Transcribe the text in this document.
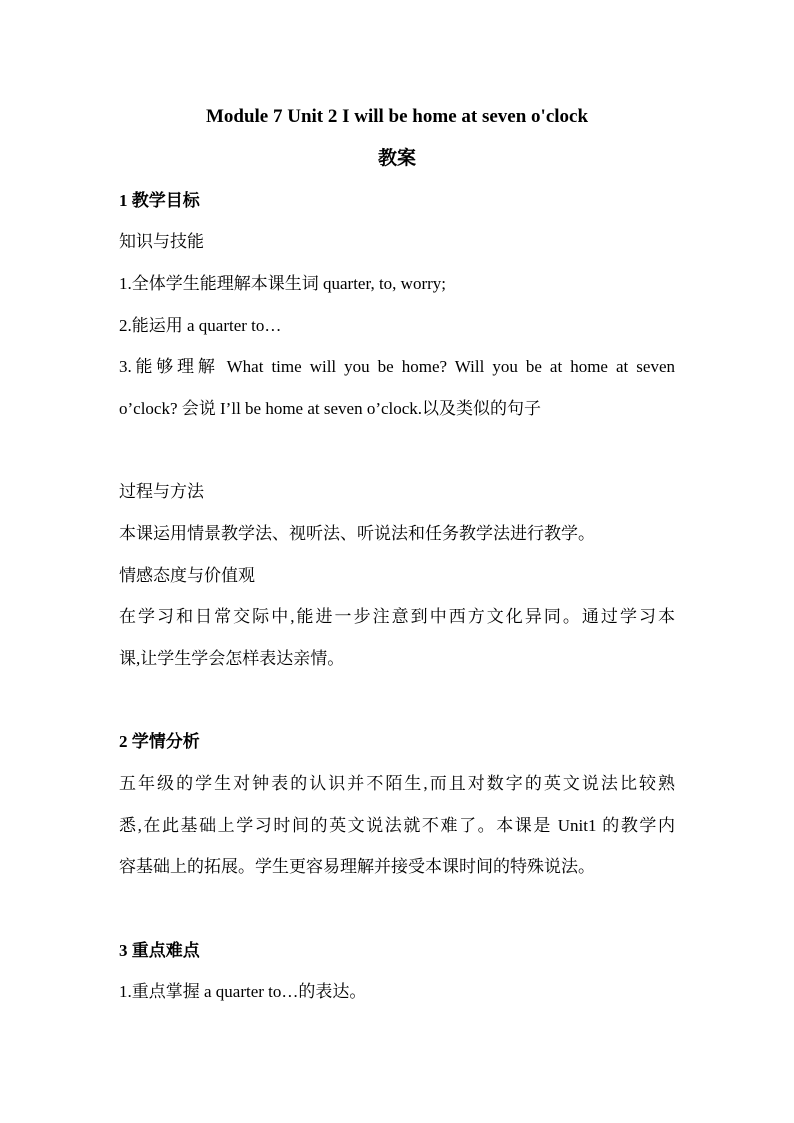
Module 7 Unit 2 I will be home at seven o'clock
教案
1 教学目标
知识与技能
1.全体学生能理解本课生词 quarter, to, worry;
2.能运用 a quarter to…
3.能够理解 What time will you be home? Will you be at home at seven
o’clock? 会说 I’ll be home at seven o’clock.以及类似的句子
过程与方法
本课运用情景教学法、视听法、听说法和任务教学法进行教学。
情感态度与价值观
在学习和日常交际中,能进一步注意到中西方文化异同。通过学习本
课,让学生学会怎样表达亲情。
2 学情分析
五年级的学生对钟表的认识并不陌生,而且对数字的英文说法比较熟
悉,在此基础上学习时间的英文说法就不难了。本课是 Unit1 的教学内
容基础上的拓展。学生更容易理解并接受本课时间的特殊说法。
3 重点难点
1.重点掌握 a quarter to…的表达。
